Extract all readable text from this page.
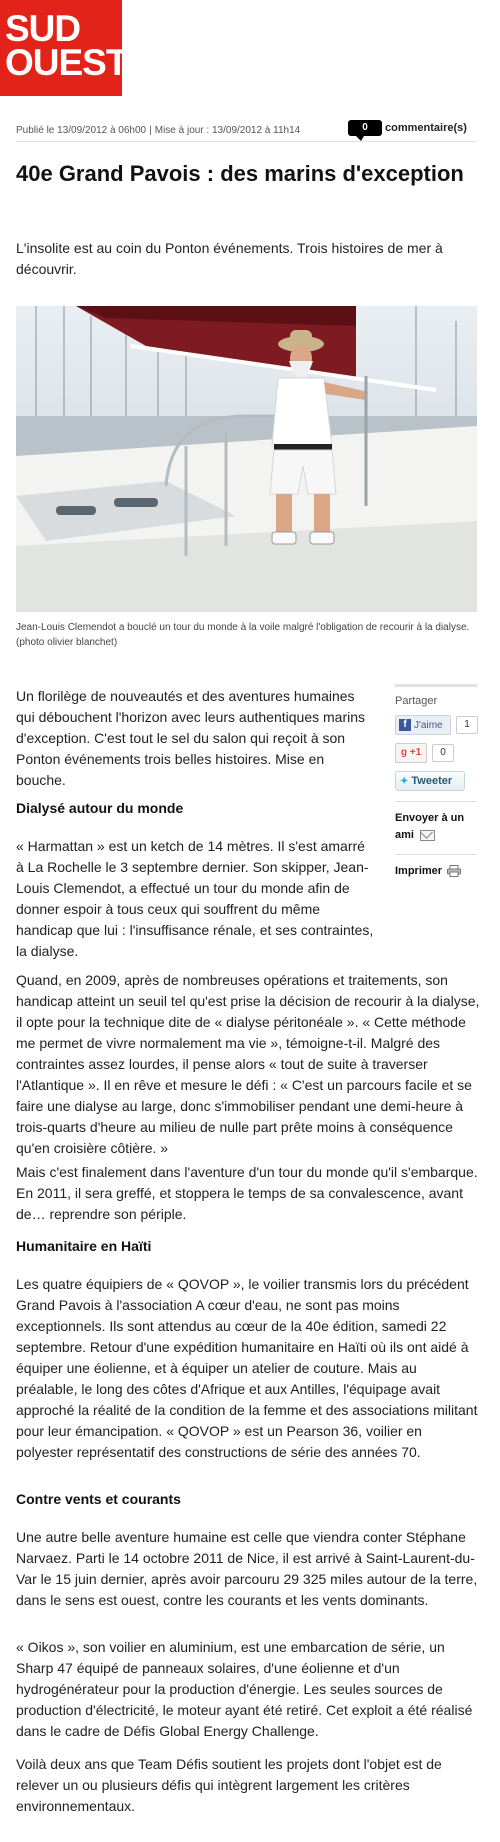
SUD
OUEST
Publié le 13/09/2012 à 06h00 | Mise à jour : 13/09/2012 à 11h14	0	commentaire(s)
40e Grand Pavois : des marins d'exception

L'insolite est au coin du Ponton événements. Trois histoires de mer à découvrir.

Jean-Louis Clemendot a bouclé un tour du monde à la voile malgré l'obligation de recourir à la dialyse. (photo olivier blanchet)
Partager
f J'aime	1

g +1	0

✦ Tweeter
Envoyer à un ami
Imprimer

Un florilège de nouveautés et des aventures humaines qui débouchent l'horizon avec leurs authentiques marins d'exception. C'est tout le sel du salon qui reçoit à son Ponton événements trois belles histoires. Mise en bouche.

Dialysé autour du monde

« Harmattan » est un ketch de 14 mètres. Il s'est amarré à La Rochelle le 3 septembre dernier. Son skipper, Jean-Louis Clemendot, a effectué un tour du monde afin de donner espoir à tous ceux qui souffrent du même handicap que lui : l'insuffisance rénale, et ses contraintes, la dialyse.

Quand, en 2009, après de nombreuses opérations et traitements, son handicap atteint un seuil tel qu'est prise la décision de recourir à la dialyse, il opte pour la technique dite de « dialyse péritonéale ». « Cette méthode me permet de vivre normalement ma vie », témoigne-t-il. Malgré des contraintes assez lourdes, il pense alors « tout de suite à traverser l'Atlantique ». Il en rêve et mesure le défi : « C'est un parcours facile et se faire une dialyse au large, donc s'immobiliser pendant une demi-heure à trois-quarts d'heure au milieu de nulle part prête moins à conséquence qu'en croisière côtière. »

Mais c'est finalement dans l'aventure d'un tour du monde qu'il s'embarque. En 2011, il sera greffé, et stoppera le temps de sa convalescence, avant de… reprendre son périple.

Humanitaire en Haïti

Les quatre équipiers de « QOVOP », le voilier transmis lors du précédent Grand Pavois à l'association A cœur d'eau, ne sont pas moins exceptionnels. Ils sont attendus au cœur de la 40e édition, samedi 22 septembre. Retour d'une expédition humanitaire en Haïti où ils ont aidé à équiper une éolienne, et à équiper un atelier de couture. Mais au préalable, le long des côtes d'Afrique et aux Antilles, l'équipage avait approché la réalité de la condition de la femme et des associations militant pour leur émancipation. « QOVOP » est un Pearson 36, voilier en polyester représentatif des constructions de série des années 70.

Contre vents et courants

Une autre belle aventure humaine est celle que viendra conter Stéphane Narvaez. Parti le 14 octobre 2011 de Nice, il est arrivé à Saint-Laurent-du-Var le 15 juin dernier, après avoir parcouru 29 325 miles autour de la terre, dans le sens est ouest, contre les courants et les vents dominants.

« Oikos », son voilier en aluminium, est une embarcation de série, un Sharp 47 équipé de panneaux solaires, d'une éolienne et d'un hydrogénérateur pour la production d'énergie. Les seules sources de production d'électricité, le moteur ayant été retiré. Cet exploit a été réalisé dans le cadre de Défis Global Energy Challenge.

Voilà deux ans que Team Défis soutient les projets dont l'objet est de relever un ou plusieurs défis qui intègrent largement les critères environnementaux.
